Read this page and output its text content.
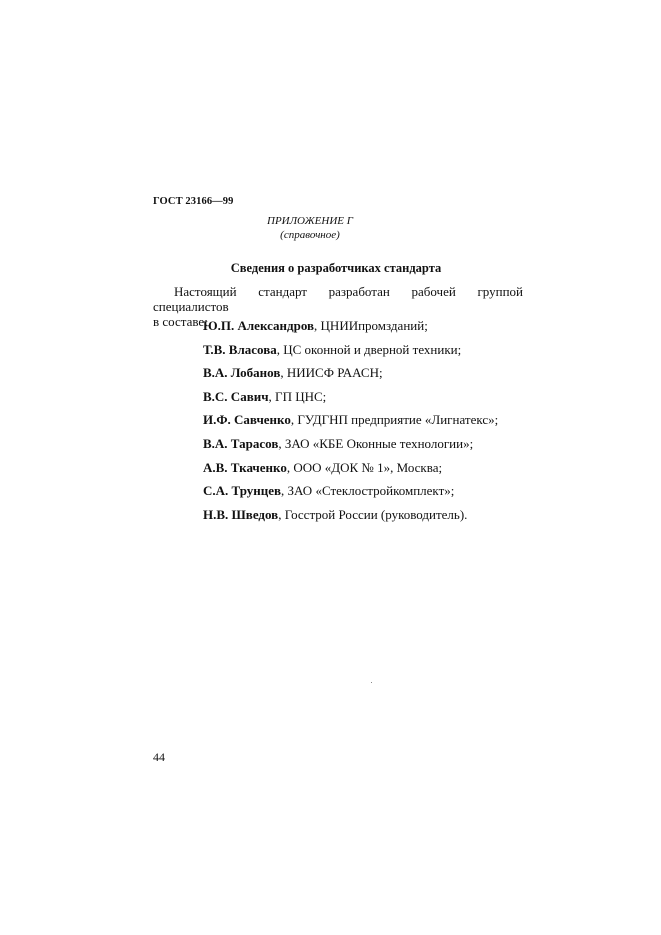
ГОСТ 23166—99
ПРИЛОЖЕНИЕ Г
(справочное)
Сведения о разработчиках стандарта
Настоящий стандарт разработан рабочей группой специалистов
в составе:
Ю.П. Александров, ЦНИИпромзданий;
Т.В. Власова, ЦС оконной и дверной техники;
В.А. Лобанов, НИИСФ РААСН;
В.С. Савич, ГП ЦНС;
И.Ф. Савченко, ГУДГНП предприятие «Лигнатекс»;
В.А. Тарасов, ЗАО «КБЕ Оконные технологии»;
А.В. Ткаченко, ООО «ДОК № 1», Москва;
С.А. Трунцев, ЗАО «Стеклостройкомплект»;
Н.В. Шведов, Госстрой России (руководитель).
44
